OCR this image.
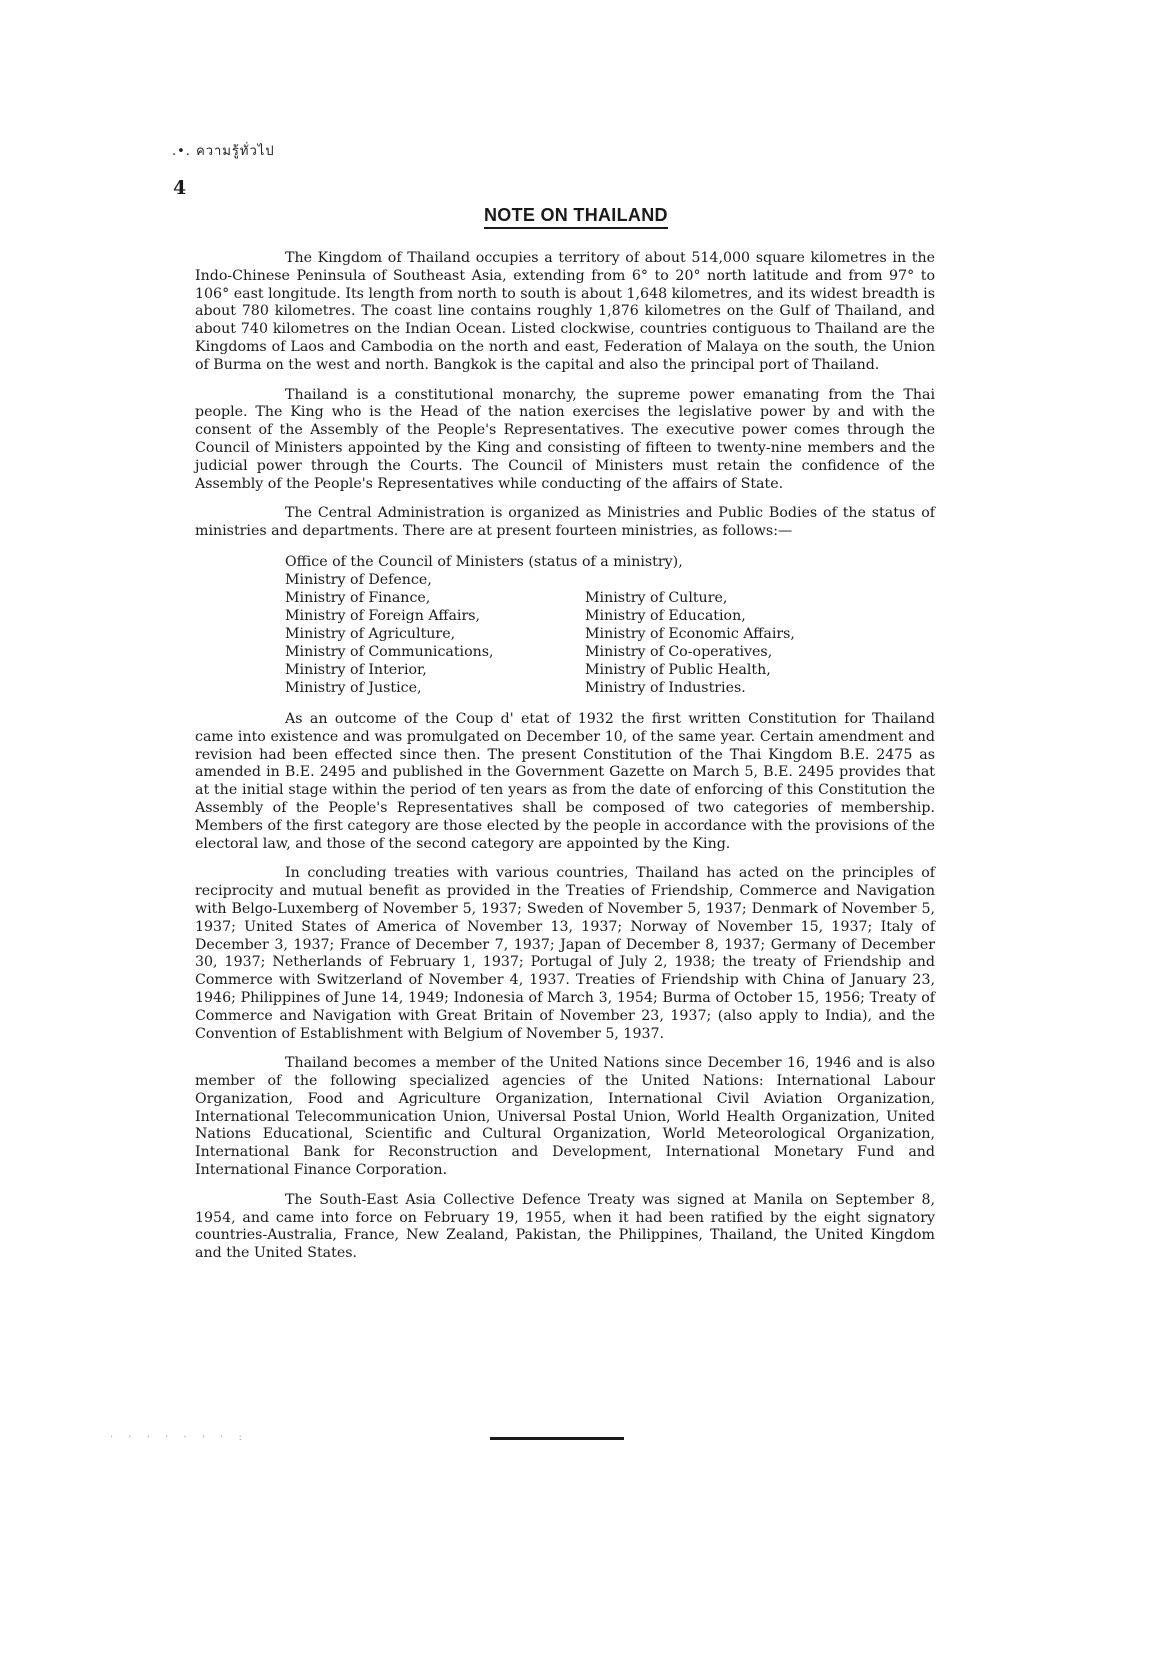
.•. ความรู้ทั่วไป
4
NOTE ON THAILAND

The Kingdom of Thailand occupies a territory of about 514,000 square kilometres in the Indo-Chinese Peninsula of Southeast Asia, extending from 6° to 20° north latitude and from 97° to 106° east longitude. Its length from north to south is about 1,648 kilometres, and its widest breadth is about 780 kilometres. The coast line contains roughly 1,876 kilometres on the Gulf of Thailand, and about 740 kilometres on the Indian Ocean. Listed clockwise, countries contiguous to Thailand are the Kingdoms of Laos and Cambodia on the north and east, Federation of Malaya on the south, the Union of Burma on the west and north. Bangkok is the capital and also the principal port of Thailand.

Thailand is a constitutional monarchy, the supreme power emanating from the Thai people. The King who is the Head of the nation exercises the legislative power by and with the consent of the Assembly of the People's Representatives. The executive power comes through the Council of Ministers appointed by the King and consisting of fifteen to twenty-nine members and the judicial power through the Courts. The Council of Ministers must retain the confidence of the Assembly of the People's Representatives while conducting of the affairs of State.

The Central Administration is organized as Ministries and Public Bodies of the status of ministries and departments. There are at present fourteen ministries, as follows:—

Office of the Council of Ministers (status of a ministry),
Ministry of Defence,
Ministry of Finance,	Ministry of Culture,
Ministry of Foreign Affairs,	Ministry of Education,
Ministry of Agriculture,	Ministry of Economic Affairs,
Ministry of Communications,	Ministry of Co-operatives,
Ministry of Interior,	Ministry of Public Health,
Ministry of Justice,	Ministry of Industries.

As an outcome of the Coup d' etat of 1932 the first written Constitution for Thailand came into existence and was promulgated on December 10, of the same year. Certain amendment and revision had been effected since then. The present Constitution of the Thai Kingdom B.E. 2475 as amended in B.E. 2495 and published in the Government Gazette on March 5, B.E. 2495 provides that at the initial stage within the period of ten years as from the date of enforcing of this Constitution the Assembly of the People's Representatives shall be composed of two categories of membership. Members of the first category are those elected by the people in accordance with the provisions of the electoral law, and those of the second category are appointed by the King.

In concluding treaties with various countries, Thailand has acted on the principles of reciprocity and mutual benefit as provided in the Treaties of Friendship, Commerce and Navigation with Belgo-Luxemberg of November 5, 1937; Sweden of November 5, 1937; Denmark of November 5, 1937; United States of America of November 13, 1937; Norway of November 15, 1937; Italy of December 3, 1937; France of December 7, 1937; Japan of December 8, 1937; Germany of December 30, 1937; Netherlands of February 1, 1937; Portugal of July 2, 1938; the treaty of Friendship and Commerce with Switzerland of November 4, 1937. Treaties of Friendship with China of January 23, 1946; Philippines of June 14, 1949; Indonesia of March 3, 1954; Burma of October 15, 1956; Treaty of Commerce and Navigation with Great Britain of November 23, 1937; (also apply to India), and the Convention of Establishment with Belgium of November 5, 1937.

Thailand becomes a member of the United Nations since December 16, 1946 and is also member of the following specialized agencies of the United Nations: International Labour Organization, Food and Agriculture Organization, International Civil Aviation Organization, International Telecommunication Union, Universal Postal Union, World Health Organization, United Nations Educational, Scientific and Cultural Organization, World Meteorological Organization, International Bank for Reconstruction and Development, International Monetary Fund and International Finance Corporation.

The South-East Asia Collective Defence Treaty was signed at Manila on September 8, 1954, and came into force on February 19, 1955, when it had been ratified by the eight signatory countries-Australia, France, New Zealand, Pakistan, the Philippines, Thailand, the United Kingdom and the United States.

· · · · · · · :
